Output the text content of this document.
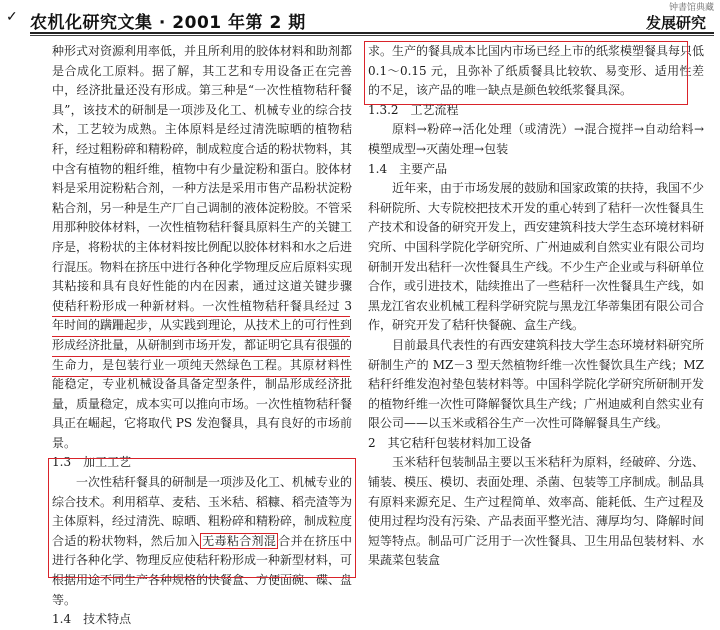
✓ 农机化研究文集 · 2001 年第 2 期
钟書馆典藏
发展研究

种形式对资源利用率低，并且所利用的胶体材料和助剂都是合成化工原料。据了解，其工艺和专用设备正在完善中，经济批量还没有形成。第三种是“一次性植物秸秆餐具”，该技术的研制是一项涉及化工、机械专业的综合技术，工艺较为成熟。主体原料是经过清洗晾晒的植物秸秆，经过粗粉碎和精粉碎，制成粒度合适的粉状物料，其中含有植物的粗纤维，植物中有少量淀粉和蛋白。胶体材料是采用淀粉粘合剂，一种方法是采用市售产品粉状淀粉粘合剂，另一种是生产厂自己调制的液体淀粉胶。不管采用那种胶体材料，一次性植物秸秆餐具原料生产的关键工序是，将粉状的主体材料按比例配以胶体材料和水之后进行混压。物料在挤压中进行各种化学物理反应后原料实现其粘接和具有良好性能的内在因素，通过这道关键步骤使秸秆粉形成一种新材料。一次性植物秸秆餐具经过 3 年时间的蹒跚起步，从实践到理论，从技术上的可行性到形成经济批量，从研制到市场开发，都证明它具有很强的生命力，是包装行业一项纯天然绿色工程。其原材料性能稳定，专业机械设备具备定型条件，制品形成经济批量，质量稳定，成本实可以推向市场。一次性植物秸秆餐具正在崛起，它将取代 PS 发泡餐具，具有良好的市场前景。

1.3　加工工艺

一次性秸秆餐具的研制是一项涉及化工、机械专业的综合技术。利用稻草、麦秸、玉米秸、稻糠、稻壳渣等为主体原料，经过清洗、晾晒、粗粉碎和精粉碎，制成粒度合适的粉状物料，然后加入 无毒粘合剂混 合并在挤压中进行各种化学、物理反应使秸秆粉形成一种新型材料，可根据用途不同生产各种规格的快餐盒、方便面碗、碟、盘等。

1.4　技术特点

求。生产的餐具成本比国内市场已经上市的纸浆模塑餐具每只低 0.1～0.15 元，且弥补了纸质餐具比较软、易变形、适用性差的不足，该产品的唯一缺点是颜色较纸浆餐具深。

1.3.2　工艺流程

原料→粉碎→活化处理（或清洗）→混合搅拌→自动给料→模塑成型→灭菌处理→包装

1.4　主要产品

近年来，由于市场发展的鼓励和国家政策的扶持，我国不少科研院所、大专院校把技术开发的重心转到了秸秆一次性餐具生产技术和设备的研究开发上，西安建筑科技大学生态环境材料研究所、中国科学院化学研究所、广州迪威利自然实业有限公司均研制开发出秸秆一次性餐具生产线。不少生产企业或与科研单位合作，或引进技术，陆续推出了一些秸秆一次性餐具生产线，如黑龙江省农业机械工程科学研究院与黑龙江华蒂集团有限公司合作，研究开发了秸秆快餐碗、盒生产线。

目前最具代表性的有西安建筑科技大学生态环境材料研究所研制生产的 MZ－3 型天然植物纤维一次性餐饮具生产线；MZ 秸秆纤维发泡衬垫包装材料等。中国科学院化学研究所研制开发的植物纤维一次性可降解餐饮具生产线；广州迪威利自然实业有限公司——以玉米或稻谷生产一次性可降解餐具生产线。

2　其它秸秆包装材料加工设备

玉米秸秆包装制品主要以玉米秸秆为原料，经破碎、分选、铺装、模压、模切、表面处理、杀菌、包装等工序制成。制品具有原料来源充足、生产过程简单、效率高、能耗低、生产过程及使用过程均没有污染、产品表面平整光洁、薄厚均匀、降解时间短等特点。制品可广泛用于一次性餐具、卫生用品包装材料、水果蔬菜包装盒
